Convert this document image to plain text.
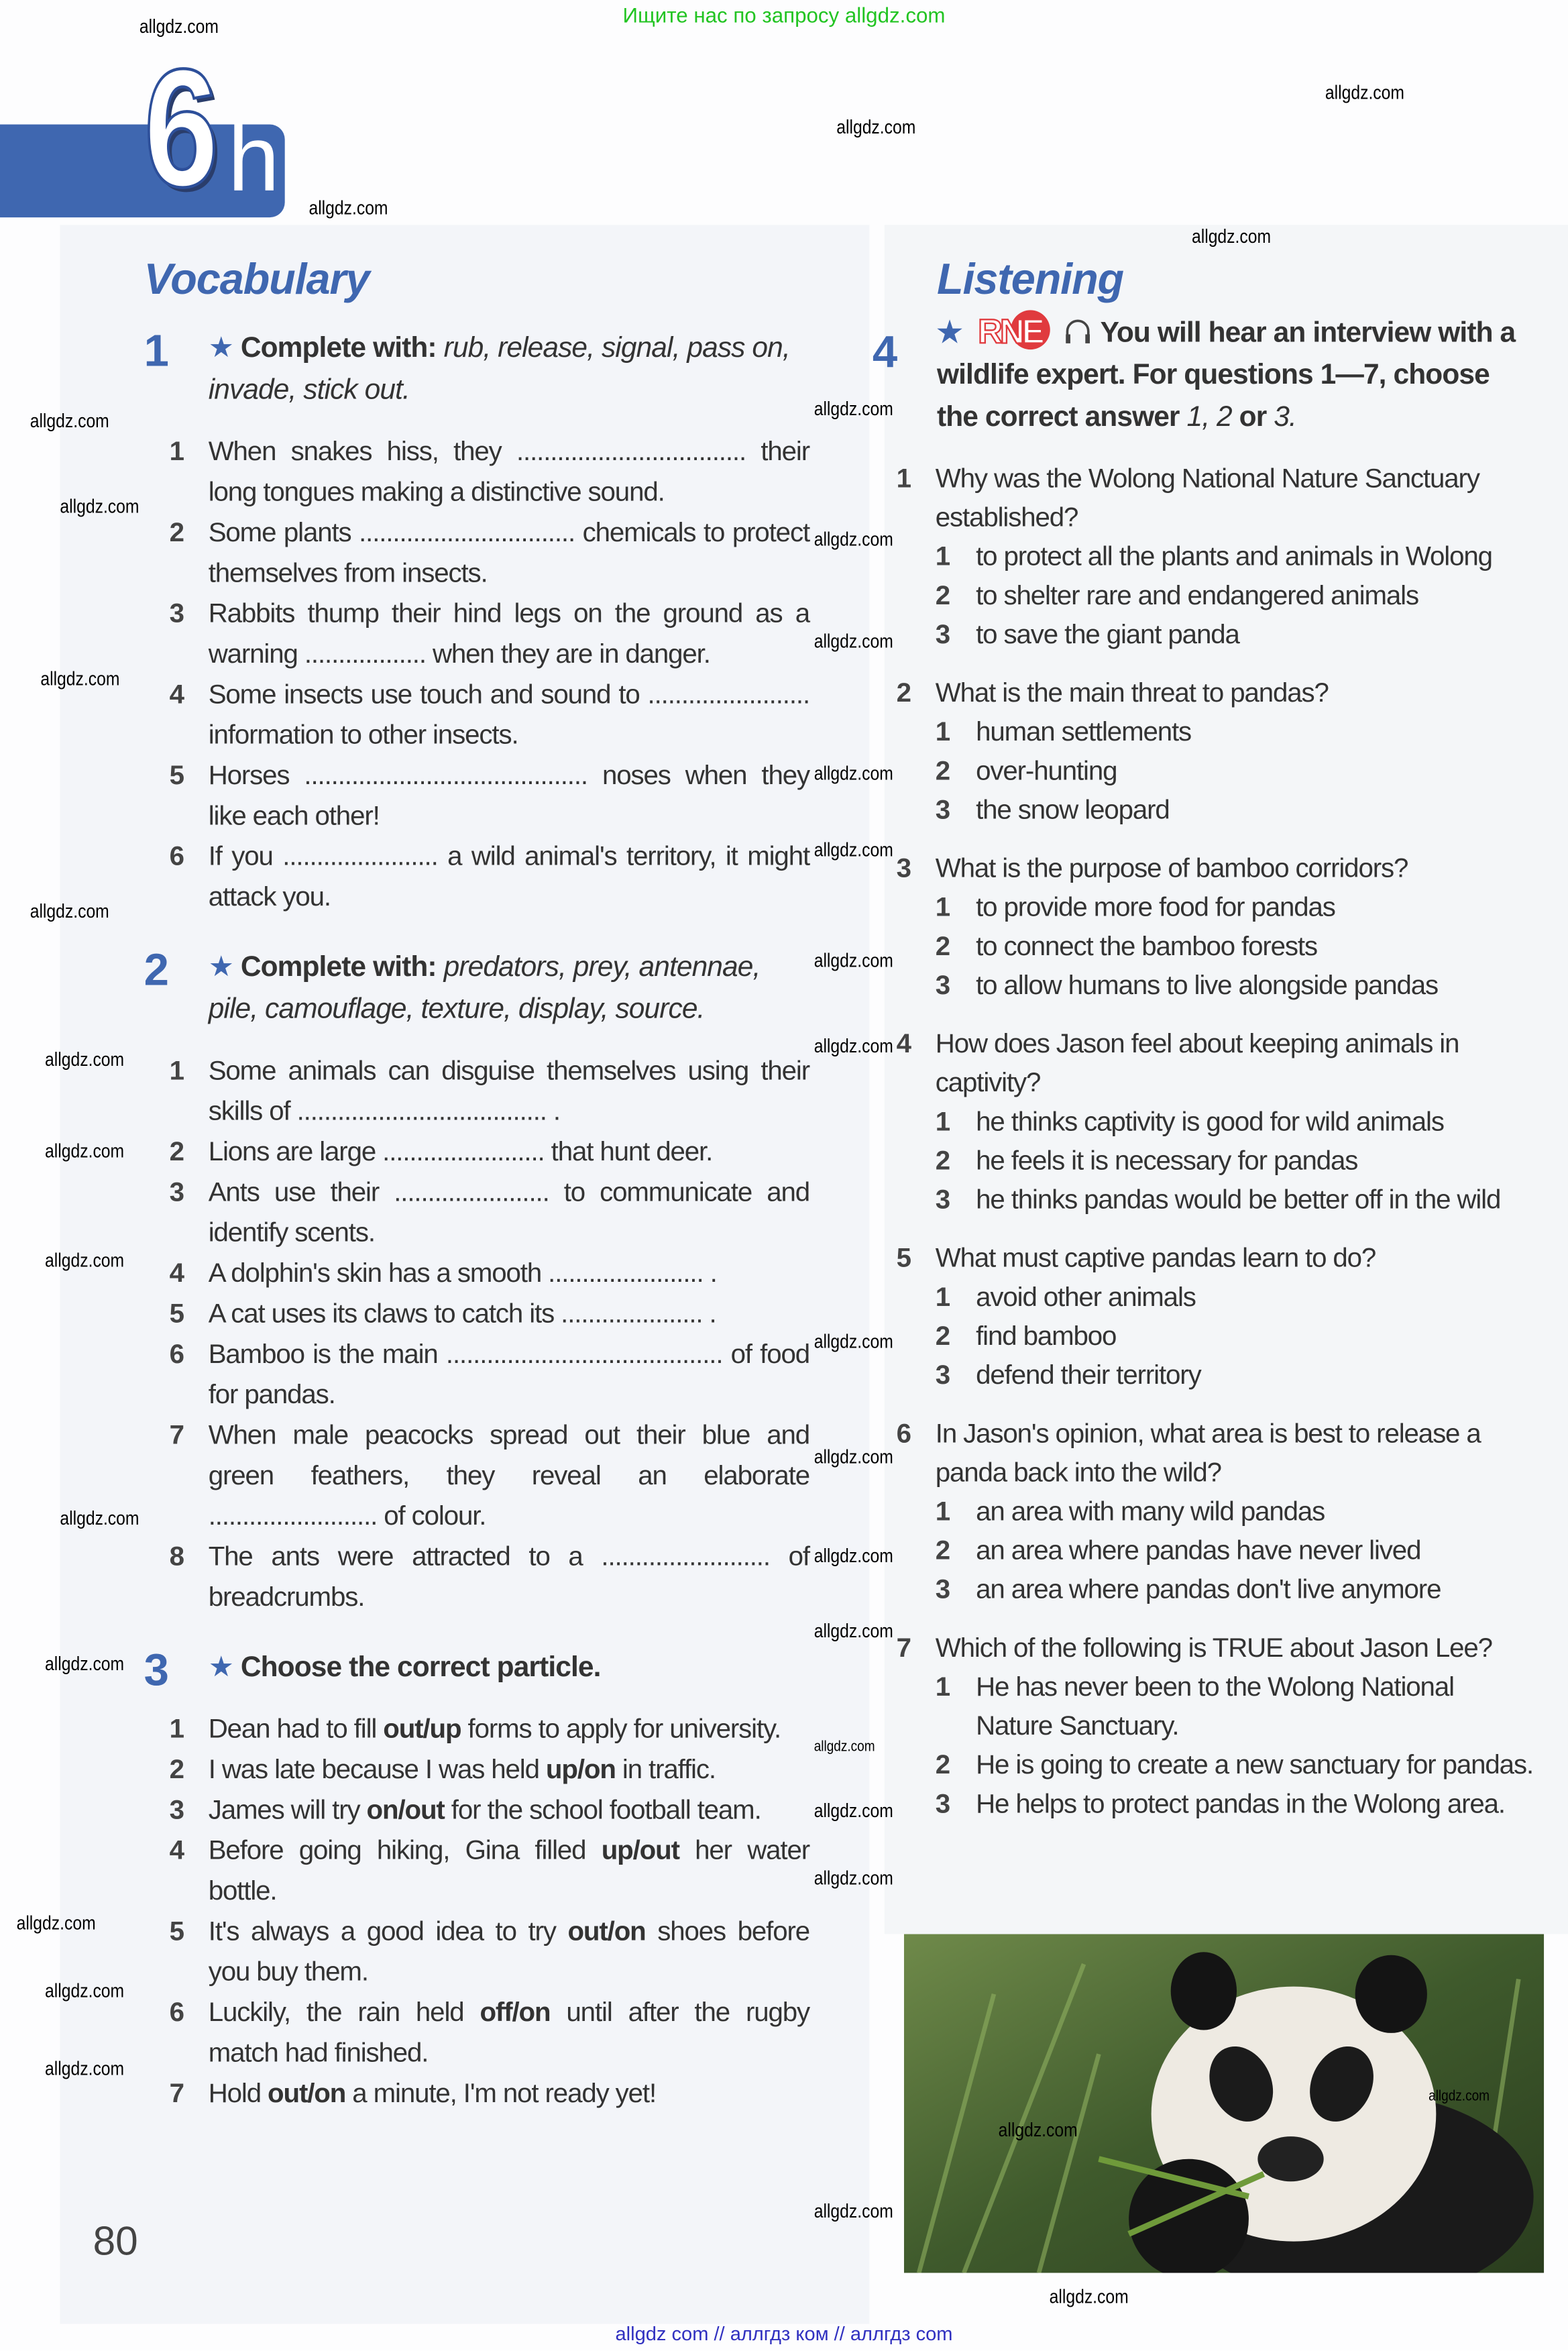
Ищите нас по запросу allgdz.com
6 h
Vocabulary
1	★ Complete with: rub, release, signal, pass on, invade, stick out.
1 When snakes hiss, they .................................. their long tongues making a distinctive sound.
2 Some plants ................................ chemicals to protect themselves from insects.
3 Rabbits thump their hind legs on the ground as a warning .................. when they are in danger.
4 Some insects use touch and sound to ........................ information to other insects.
5 Horses .......................................... noses when they like each other!
6 If you ....................... a wild animal's territory, it might attack you.
2	★ Complete with: predators, prey, antennae, pile, camouflage, texture, display, source.
1 Some animals can disguise themselves using their skills of ..................................... .
2 Lions are large ........................ that hunt deer.
3 Ants use their ....................... to communicate and identify scents.
4 A dolphin's skin has a smooth ....................... .
5 A cat uses its claws to catch its ..................... .
6 Bamboo is the main ......................................... of food for pandas.
7 When male peacocks spread out their blue and green feathers, they reveal an elaborate ......................... of colour.
8 The ants were attracted to a ......................... of breadcrumbs.
3	★ Choose the correct particle.
1 Dean had to fill out/up forms to apply for university.
2 I was late because I was held up/on in traffic.
3 James will try on/out for the school football team.
4 Before going hiking, Gina filled up/out her water bottle.
5 It's always a good idea to try out/on shoes before you buy them.
6 Luckily, the rain held off/on until after the rugby match had finished.
7 Hold out/on a minute, I'm not ready yet!
80
Listening
4	★ RNE	You will hear an interview with a wildlife expert. For questions 1—7, choose the correct answer 1, 2 or 3.
1 Why was the Wolong National Nature Sanctuary established?
1 to protect all the plants and animals in Wolong
2 to shelter rare and endangered animals
3 to save the giant panda
2 What is the main threat to pandas?
1 human settlements
2 over-hunting
3 the snow leopard
3 What is the purpose of bamboo corridors?
1 to provide more food for pandas
2 to connect the bamboo forests
3 to allow humans to live alongside pandas
4 How does Jason feel about keeping animals in captivity?
1 he thinks captivity is good for wild animals
2 he feels it is necessary for pandas
3 he thinks pandas would be better off in the wild
5 What must captive pandas learn to do?
1 avoid other animals
2 find bamboo
3 defend their territory
6 In Jason's opinion, what area is best to release a panda back into the wild?
1 an area with many wild pandas
2 an area where pandas have never lived
3 an area where pandas don't live anymore
7 Which of the following is TRUE about Jason Lee?
1 He has never been to the Wolong National Nature Sanctuary.
2 He is going to create a new sanctuary for pandas.
3 He helps to protect pandas in the Wolong area.
allgdz.com
allgdz.com
allgdz.com
allgdz.com
allgdz.com
allgdz.com
allgdz.com
allgdz.com
allgdz.com
allgdz.com
allgdz.com
allgdz.com
allgdz.com
allgdz.com
allgdz.com
allgdz.com
allgdz.com
allgdz.com
allgdz.com
allgdz.com
allgdz.com
allgdz.com
allgdz.com
allgdz.com
allgdz.com
allgdz.com
allgdz.com
allgdz.com
allgdz.com
allgdz.com
allgdz.com
allgdz.com
allgdz.com
allgdz.com
allgdz.com
allgdz com // аллгдз ком // аллгдз com
